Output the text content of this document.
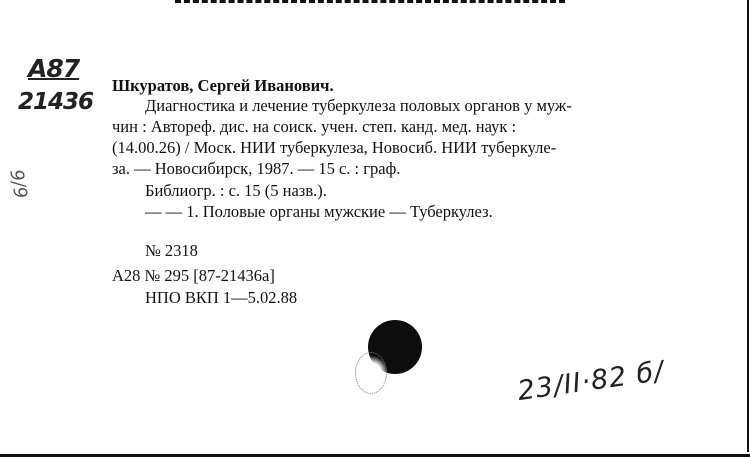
A87
21436
9/9
Шкуратов, Сергей Иванович.
Диагностика и лечение туберкулеза половых органов у муж-
чин : Автореф. дис. на соиск. учен. степ. канд. мед. наук :
(14.00.26) / Моск. НИИ туберкулеза, Новосиб. НИИ туберкуле-
за. — Новосибирск, 1987. — 15 с. : граф.
Библиогр. : с. 15 (5 назв.).
— — 1. Половые органы мужские — Туберкулез.
№ 2318
А28 № 295 [87-21436а]
НПО ВКП 1—5.02.88
23/II·82 б/
